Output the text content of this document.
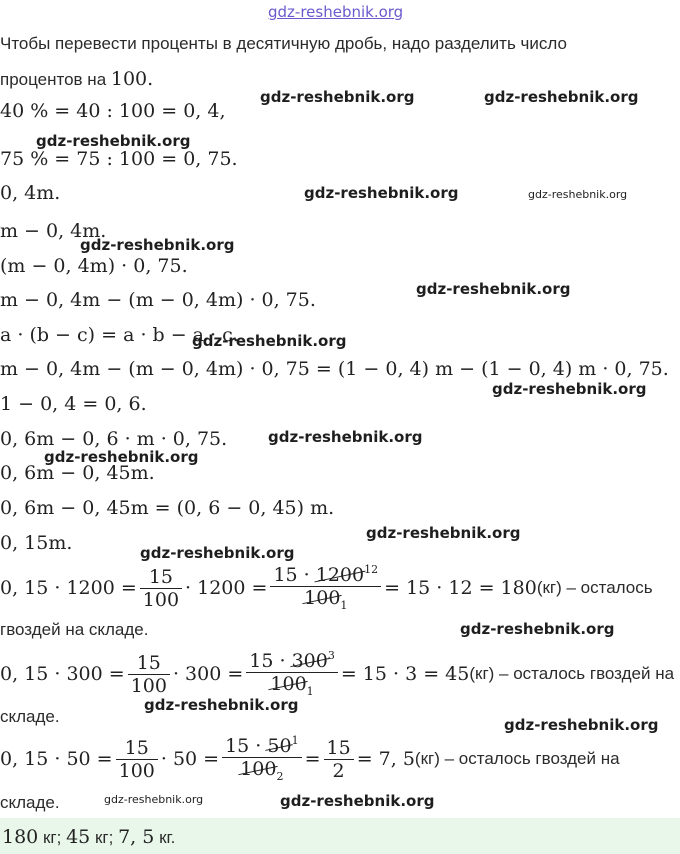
gdz-reshebnik.org
Чтобы перевести проценты в десятичную дробь, надо разделить число
процентов на 100.
40 % = 40 : 100 = 0, 4,
75 % = 75 : 100 = 0, 75.
0, 4m.
m − 0, 4m.
(m − 0, 4m) · 0, 75.
m − 0, 4m − (m − 0, 4m) · 0, 75.
a · (b − c) = a · b − a · c.
m − 0, 4m − (m − 0, 4m) · 0, 75 = (1 − 0, 4) m − (1 − 0, 4) m · 0, 75.
1 − 0, 4 = 0, 6.
0, 6m − 0, 6 · m · 0, 75.
0, 6m − 0, 45m.
0, 6m − 0, 45m = (0, 6 − 0, 45) m.
0, 15m.
0, $15 \cdot 1200 = \frac{15}{100} \cdot 1200 = \frac{15 \cdot 1200^{12}}{100_1} = 15 \cdot 12 = 180$ (кг) – осталось
гвоздей на складе.
0, $15 \cdot 300 = \frac{15}{100} \cdot 300 = \frac{15 \cdot 300^3}{100_1} = 15 \cdot 3 = 45$ (кг) – осталось гвоздей на
складе.
0, $15 \cdot 50 = \frac{15}{100} \cdot 50 = \frac{15 \cdot 50^1}{100_2} = \frac{15}{2} = 7$, 5 (кг) – осталось гвоздей на
складе.
180 кг; 45 кг; 7, 5 кг.
gdz-reshebnik.org	gdz-reshebnik.org
gdz-reshebnik.org
gdz-reshebnik.org	gdz-reshebnik.org
gdz-reshebnik.org
gdz-reshebnik.org
gdz-reshebnik.org
gdz-reshebnik.org
gdz-reshebnik.org
gdz-reshebnik.org
gdz-reshebnik.org
gdz-reshebnik.org
gdz-reshebnik.org
gdz-reshebnik.org
gdz-reshebnik.org
gdz-reshebnik.org	gdz-reshebnik.org
